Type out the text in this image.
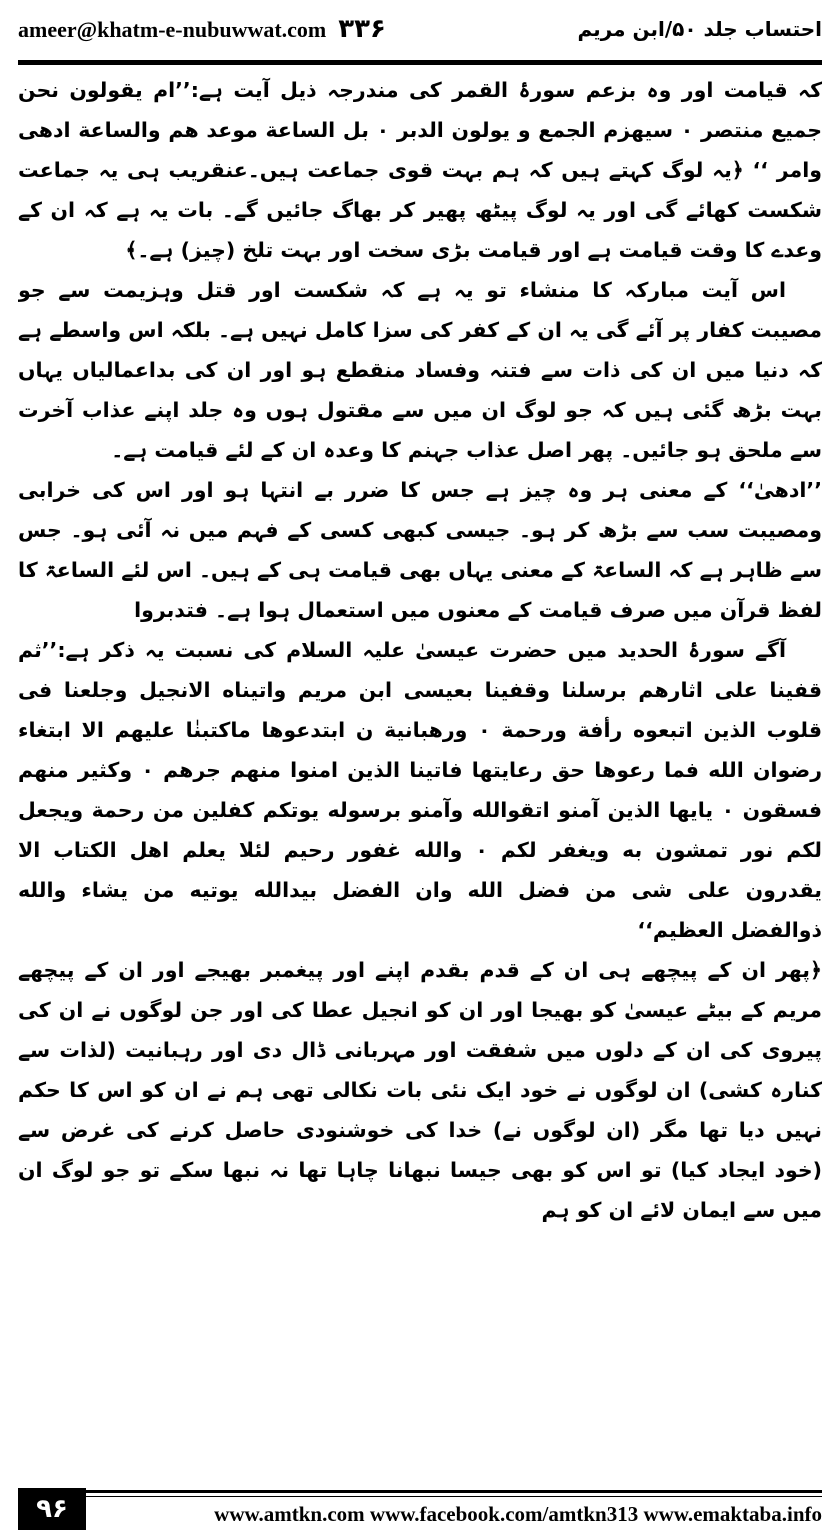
ameer@khatm-e-nubuwwat.com ۳۳۶	احتساب جلد ۵۰/ابن مریم

کہ قیامت اور وہ بزعم سورۂ القمر کی مندرجہ ذیل آیت ہے:’’ام یقولون نحن جمیع منتصر ۰ سیھزم الجمع و یولون الدبر ۰ بل الساعة موعد هم والساعة ادهی وامر ‘‘ ﴿یہ لوگ کہتے ہیں کہ ہم بہت قوی جماعت ہیں۔عنقریب ہی یہ جماعت شکست کھائے گی اور یہ لوگ پیٹھ پھیر کر بھاگ جائیں گے۔ بات یہ ہے کہ ان کے وعدے کا وقت قیامت ہے اور قیامت بڑی سخت اور بہت تلخ (چیز) ہے۔﴾

اس آیت مبارکہ کا منشاء تو یہ ہے کہ شکست اور قتل وہزیمت سے جو مصیبت کفار پر آئے گی یہ ان کے کفر کی سزا کامل نہیں ہے۔ بلکہ اس واسطے ہے کہ دنیا میں ان کی ذات سے فتنہ وفساد منقطع ہو اور ان کی بداعمالیاں یہاں بہت بڑھ گئی ہیں کہ جو لوگ ان میں سے مقتول ہوں وہ جلد اپنے عذاب آخرت سے ملحق ہو جائیں۔ پھر اصل عذاب جہنم کا وعدہ ان کے لئے قیامت ہے۔

’’ادھیٰ‘‘ کے معنی ہر وہ چیز ہے جس کا ضرر بے انتہا ہو اور اس کی خرابی ومصیبت سب سے بڑھ کر ہو۔ جیسی کبھی کسی کے فہم میں نہ آئی ہو۔ جس سے ظاہر ہے کہ الساعۃ کے معنی یہاں بھی قیامت ہی کے ہیں۔ اس لئے الساعۃ کا لفظ قرآن میں صرف قیامت کے معنوں میں استعمال ہوا ہے۔ فتدبروا

آگے سورۂ الحدید میں حضرت عیسیٰ علیہ السلام کی نسبت یہ ذکر ہے:’’ثم قفینا علی اثارهم برسلنا وقفینا بعیسی ابن مریم واتیناه الانجیل وجلعنا فی قلوب الذین اتبعوه رأفة ورحمة ۰ ورهبانیة ن ابتدعوها ماکتبنٰا علیهم الا ابتغاء رضوان الله فما رعوها حق رعایتها فاتینا الذین امنوا منهم جرهم ۰ وکثیر منهم فسقون ۰ یایها الذین آمنو اتقوالله وآمنو برسوله یوتکم کفلین من رحمة ویجعل لکم نور تمشون به ویغفر لکم ۰ والله غفور رحیم لئلا یعلم اهل الکتاب الا یقدرون علی شی من فضل الله وان الفضل بیدالله یوتیه من یشاء والله ذوالفضل العظیم‘‘

﴿پھر ان کے پیچھے ہی ان کے قدم بقدم اپنے اور پیغمبر بھیجے اور ان کے پیچھے مریم کے بیٹے عیسیٰ کو بھیجا اور ان کو انجیل عطا کی اور جن لوگوں نے ان کی پیروی کی ان کے دلوں میں شفقت اور مہربانی ڈال دی اور رہبانیت (لذات سے کنارہ کشی) ان لوگوں نے خود ایک نئی بات نکالی تھی ہم نے ان کو اس کا حکم نہیں دیا تھا مگر (ان لوگوں نے) خدا کی خوشنودی حاصل کرنے کی غرض سے (خود ایجاد کیا) تو اس کو بھی جیسا نبھانا چاہا تھا نہ نبھا سکے تو جو لوگ ان میں سے ایمان لائے ان کو ہم

۹۶	www.amtkn.com www.facebook.com/amtkn313 www.emaktaba.info
